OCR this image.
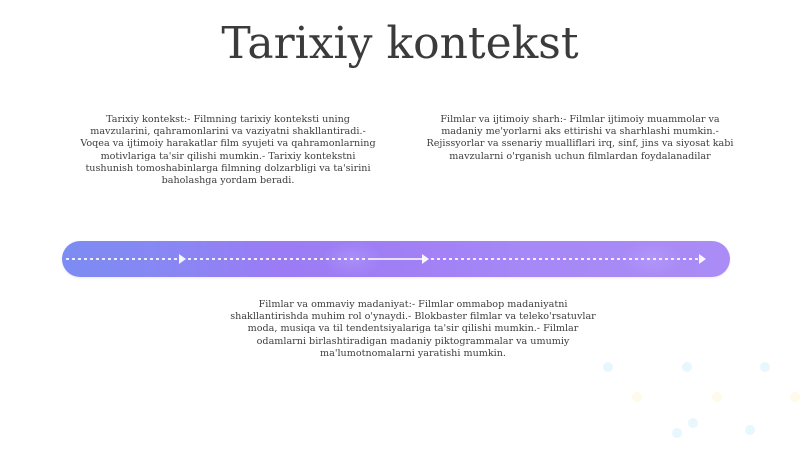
Tarixiy kontekst
Tarixiy kontekst:- Filmning tarixiy konteksti uning mavzularini, qahramonlarini va vaziyatni shakllantiradi.- Voqea va ijtimoiy harakatlar film syujeti va qahramonlarning motivlariga ta'sir qilishi mumkin.- Tarixiy kontekstni tushunish tomoshabinlarga filmning dolzarbligi va ta'sirini baholashga yordam beradi.
Filmlar va ijtimoiy sharh:- Filmlar ijtimoiy muammolar va madaniy me'yorlarni aks ettirishi va sharhlashi mumkin.- Rejissyorlar va ssenariy mualliflari irq, sinf, jins va siyosat kabi mavzularni o'rganish uchun filmlardan foydalanadilar
Filmlar va ommaviy madaniyat:- Filmlar ommabop madaniyatni shakllantirishda muhim rol o'ynaydi.- Blokbaster filmlar va teleko'rsatuvlar moda, musiqa va til tendentsiyalariga ta'sir qilishi mumkin.- Filmlar odamlarni birlashtiradigan madaniy piktogrammalar va umumiy ma'lumotnomalarni yaratishi mumkin.
